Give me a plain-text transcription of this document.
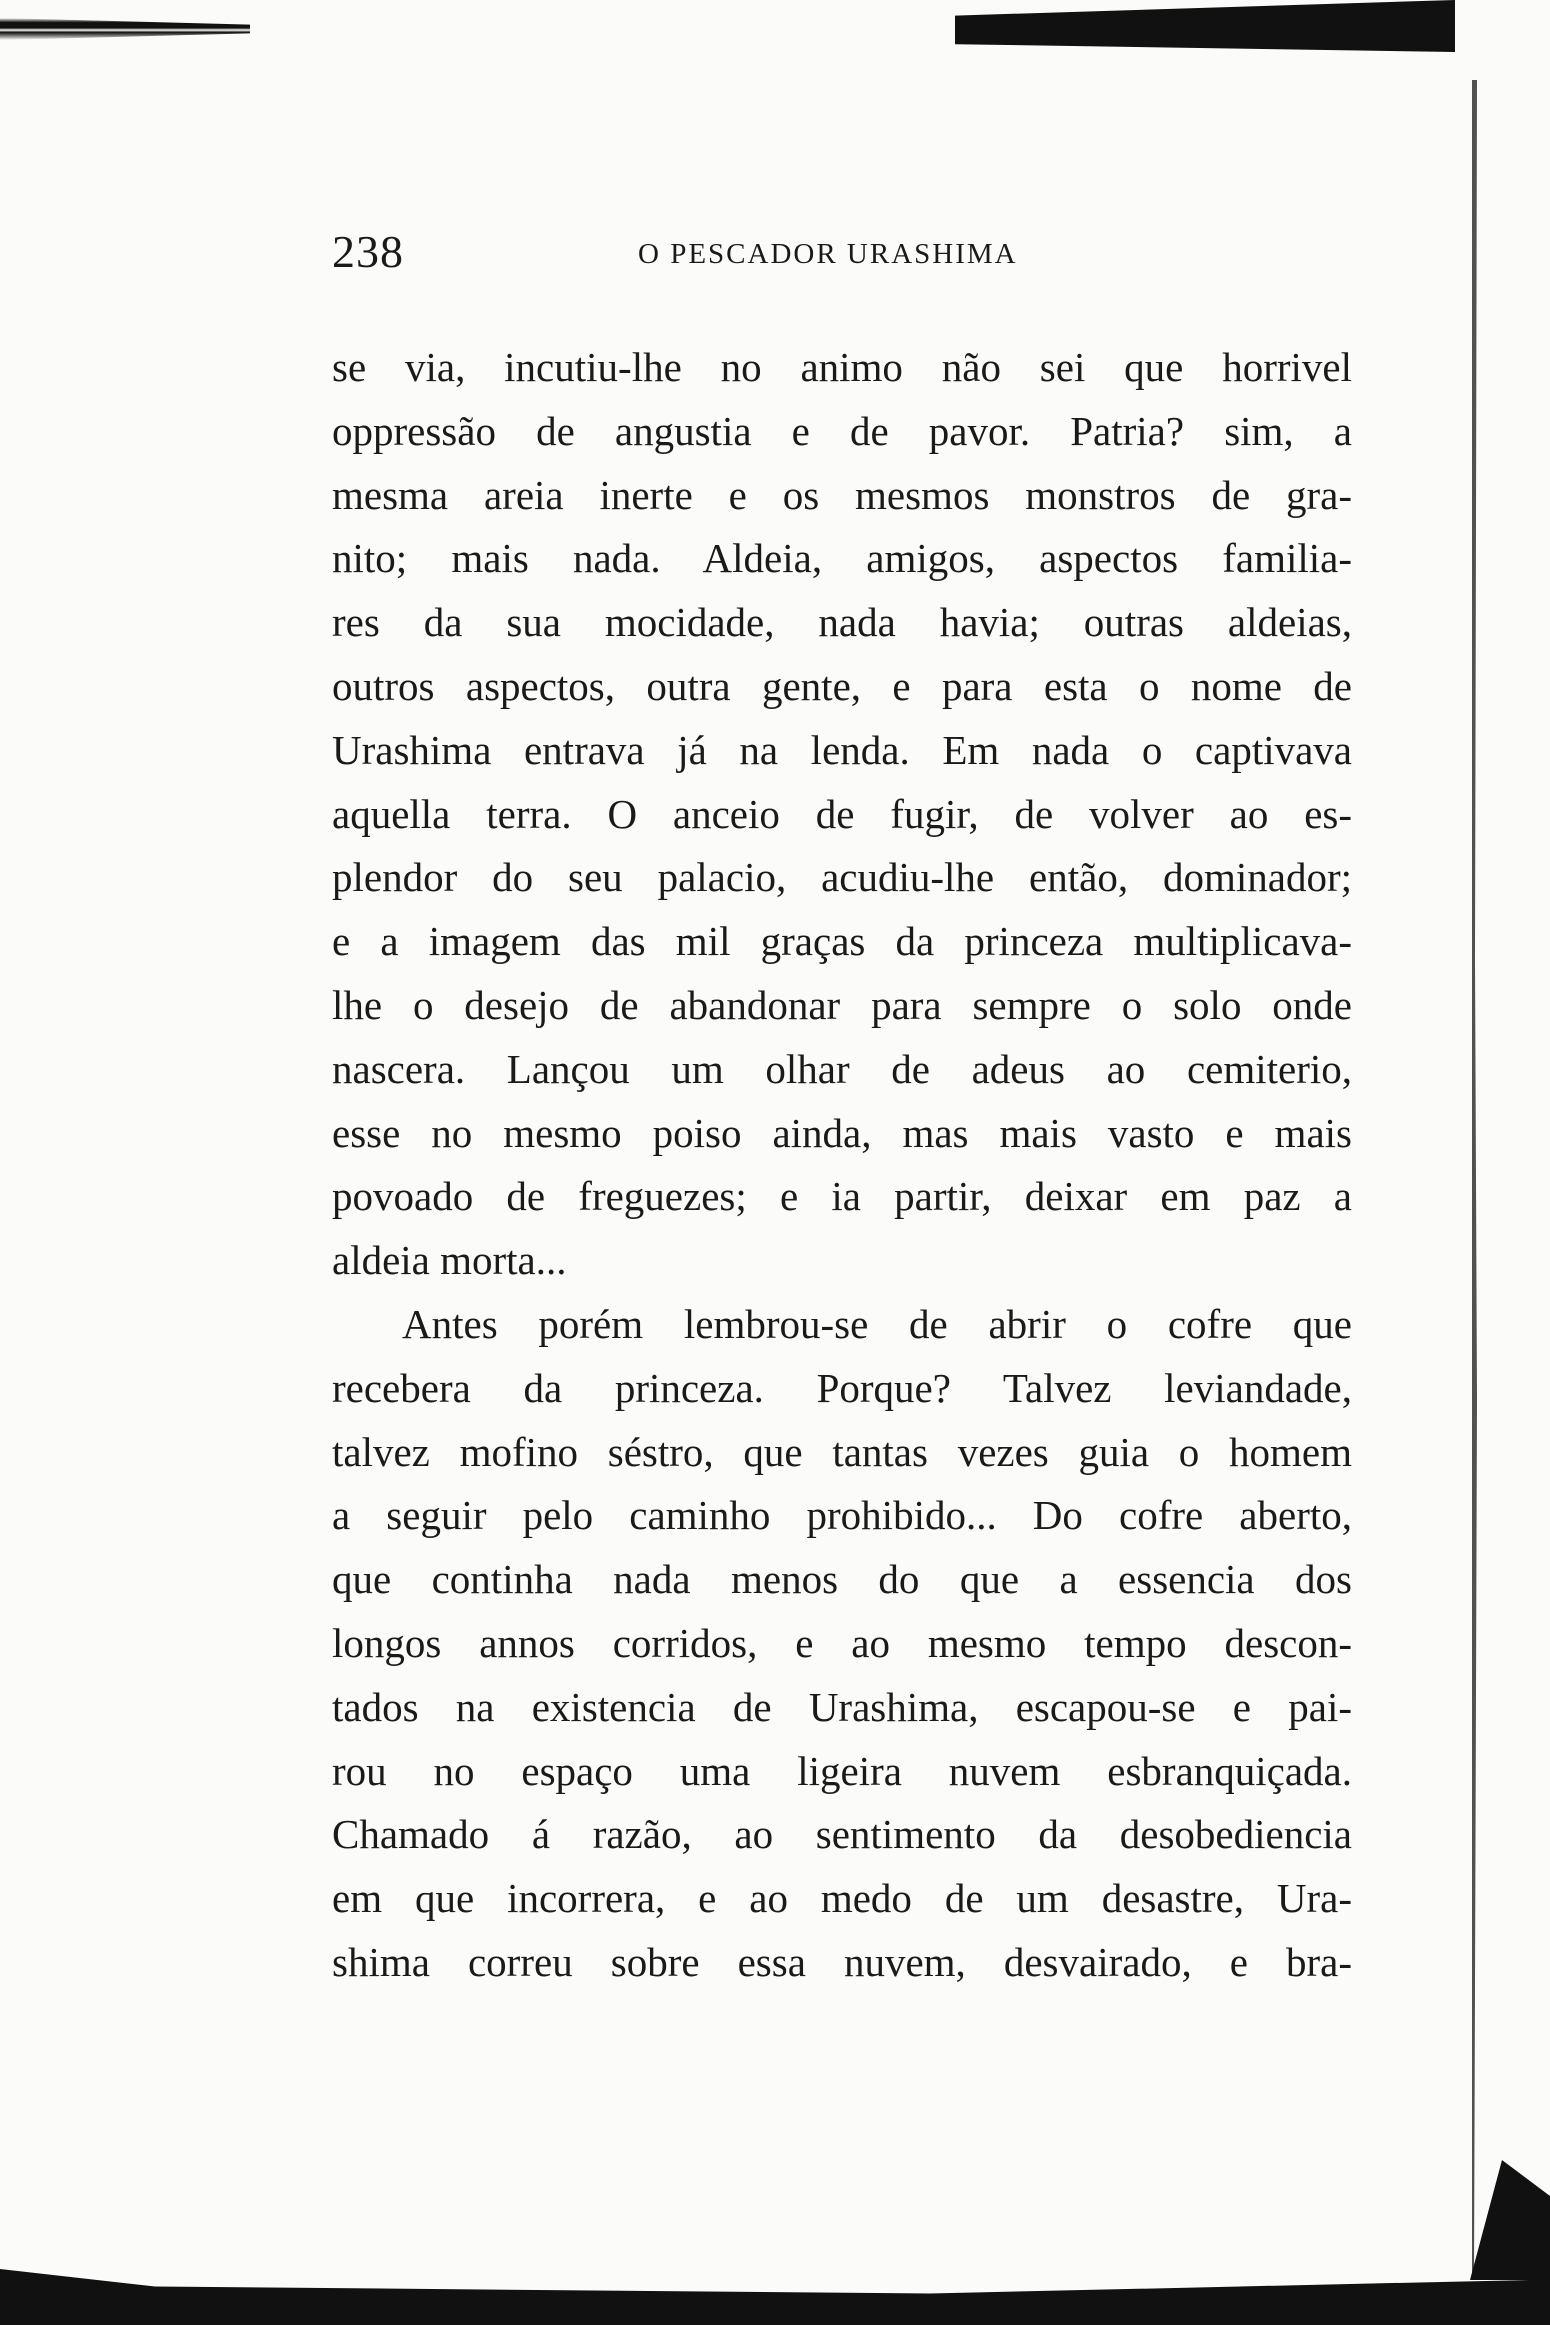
238	O PESCADOR URASHIMA
se via, incutiu-lhe no animo não sei que horrivel
oppressão de angustia e de pavor. Patria? sim, a
mesma areia inerte e os mesmos monstros de gra-
nito; mais nada. Aldeia, amigos, aspectos familia-
res da sua mocidade, nada havia; outras aldeias,
outros aspectos, outra gente, e para esta o nome de
Urashima entrava já na lenda. Em nada o captivava
aquella terra. O anceio de fugir, de volver ao es-
plendor do seu palacio, acudiu-lhe então, dominador;
e a imagem das mil graças da princeza multiplicava-
lhe o desejo de abandonar para sempre o solo onde
nascera. Lançou um olhar de adeus ao cemiterio,
esse no mesmo poiso ainda, mas mais vasto e mais
povoado de freguezes; e ia partir, deixar em paz a
aldeia morta...
Antes porém lembrou-se de abrir o cofre que
recebera da princeza. Porque? Talvez leviandade,
talvez mofino séstro, que tantas vezes guia o homem
a seguir pelo caminho prohibido... Do cofre aberto,
que continha nada menos do que a essencia dos
longos annos corridos, e ao mesmo tempo descon-
tados na existencia de Urashima, escapou-se e pai-
rou no espaço uma ligeira nuvem esbranquiçada.
Chamado á razão, ao sentimento da desobediencia
em que incorrera, e ao medo de um desastre, Ura-
shima correu sobre essa nuvem, desvairado, e bra-
